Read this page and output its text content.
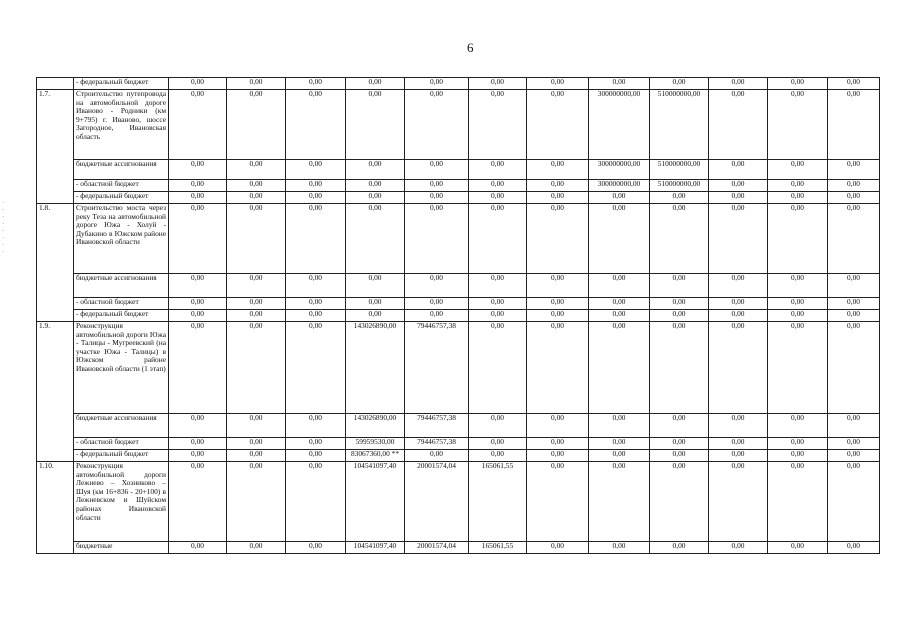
6
·
·
·
·
·
·
·
·
	- федеральный бюджет	0,00	0,00	0,00	0,00	0,00	0,00	0,00	0,00	0,00	0,00	0,00	0,00
1.7.	Строительство путепровода на автомобильной дороге Иваново - Родники (км 9+795) г. Иваново, шоссе Загородное, Ивановская область	0,00	0,00	0,00	0,00	0,00	0,00	0,00	300000000,00	510000000,00	0,00	0,00	0,00
	бюджетные ассигнования	0,00	0,00	0,00	0,00	0,00	0,00	0,00	300000000,00	510000000,00	0,00	0,00	0,00
	- областной бюджет	0,00	0,00	0,00	0,00	0,00	0,00	0,00	300000000,00	510000000,00	0,00	0,00	0,00
	- федеральный бюджет	0,00	0,00	0,00	0,00	0,00	0,00	0,00	0,00	0,00	0,00	0,00	0,00
1.8.	Строительство моста через реку Теза на автомобильной дороге Южа - Холуй - Дубакино в Южском районе Ивановской области	0,00	0,00	0,00	0,00	0,00	0,00	0,00	0,00	0,00	0,00	0,00	0,00
	бюджетные ассигнования	0,00	0,00	0,00	0,00	0,00	0,00	0,00	0,00	0,00	0,00	0,00	0,00
	- областной бюджет	0,00	0,00	0,00	0,00	0,00	0,00	0,00	0,00	0,00	0,00	0,00	0,00
	- федеральный бюджет	0,00	0,00	0,00	0,00	0,00	0,00	0,00	0,00	0,00	0,00	0,00	0,00
1.9.	Реконструкция автомобильной дороги Южа - Талицы - Мугреевский (на участке Южа - Талицы) в Южском районе Ивановской области (1 этап)	0,00	0,00	0,00	143026890,00	79446757,38	0,00	0,00	0,00	0,00	0,00	0,00	0,00
	бюджетные ассигнования	0,00	0,00	0,00	143026890,00	79446757,38	0,00	0,00	0,00	0,00	0,00	0,00	0,00
	- областной бюджет	0,00	0,00	0,00	59959530,00	79446757,38	0,00	0,00	0,00	0,00	0,00	0,00	0,00
	- федеральный бюджет	0,00	0,00	0,00	83067360,00 **	0,00	0,00	0,00	0,00	0,00	0,00	0,00	0,00
1.10.	Реконструкция автомобильной дороги Лежнево – Хозниково – Шуя (км 16+836 - 20+100) в Лежневском и Шуйском районах Ивановской области	0,00	0,00	0,00	104541097,40	20001574,04	165061,55	0,00	0,00	0,00	0,00	0,00	0,00
	бюджетные	0,00	0,00	0,00	104541097,40	20001574,04	165061,55	0,00	0,00	0,00	0,00	0,00	0,00
